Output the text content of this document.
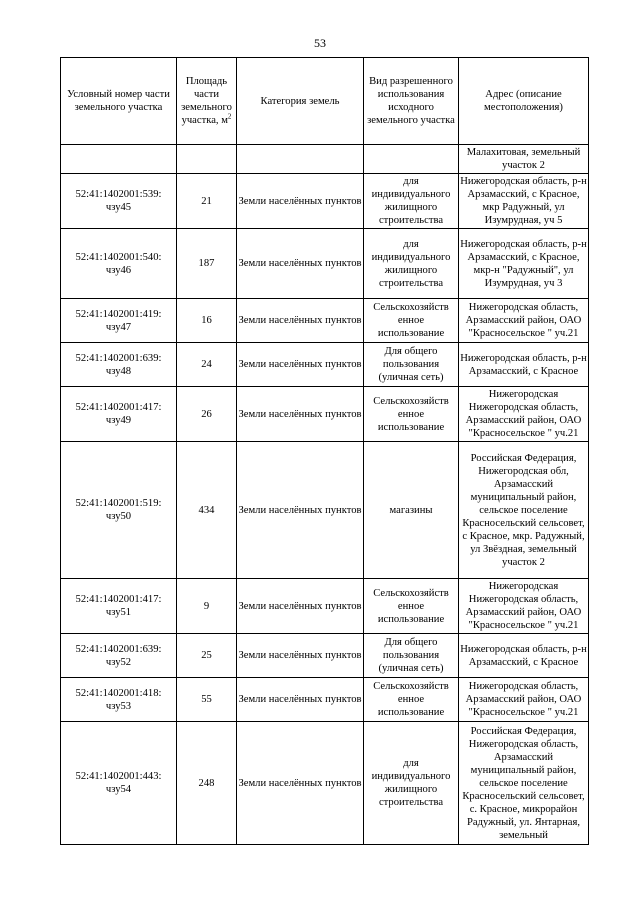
53
Условный номер части земельного участка	Площадь части земельного участка, $м^2$	Категория земель	Вид разрешенного использования исходного земельного участка	Адрес (описание местоположения)
				Малахитовая, земельный участок 2
52:41:1402001:539: чзу45	21	Земли населённых пунктов	для индивидуального жилищного строительства	Нижегородская область, р-н Арзамасский, с Красное, мкр Радужный, ул Изумрудная, уч 5
52:41:1402001:540: чзу46	187	Земли населённых пунктов	для индивидуального жилищного строительства	Нижегородская область, р-н Арзамасский, с Красное, мкр-н "Радужный", ул Изумрудная, уч 3
52:41:1402001:419: чзу47	16	Земли населённых пунктов	Сельскохозяйств енное использование	Нижегородская область, Арзамасский район, ОАО "Красносельское " уч.21
52:41:1402001:639: чзу48	24	Земли населённых пунктов	Для общего пользования (уличная сеть)	Нижегородская область, р-н Арзамасский, с Красное
52:41:1402001:417: чзу49	26	Земли населённых пунктов	Сельскохозяйств енное использование	Нижегородская Нижегородская область, Арзамасский район, ОАО "Красносельское " уч.21
52:41:1402001:519: чзу50	434	Земли населённых пунктов	магазины	Российская Федерация, Нижегородская обл, Арзамасский муниципальный район, сельское поселение Красносельский сельсовет, с Красное, мкр. Радужный, ул Звёздная, земельный участок 2
52:41:1402001:417: чзу51	9	Земли населённых пунктов	Сельскохозяйств енное использование	Нижегородская Нижегородская область, Арзамасский район, ОАО "Красносельское " уч.21
52:41:1402001:639: чзу52	25	Земли населённых пунктов	Для общего пользования (уличная сеть)	Нижегородская область, р-н Арзамасский, с Красное
52:41:1402001:418: чзу53	55	Земли населённых пунктов	Сельскохозяйств енное использование	Нижегородская область, Арзамасский район, ОАО "Красносельское " уч.21
52:41:1402001:443: чзу54	248	Земли населённых пунктов	для индивидуального жилищного строительства	Российская Федерация, Нижегородская область, Арзамасский муниципальный район, сельское поселение Красносельский сельсовет, с. Красное, микрорайон Радужный, ул. Янтарная, земельный
